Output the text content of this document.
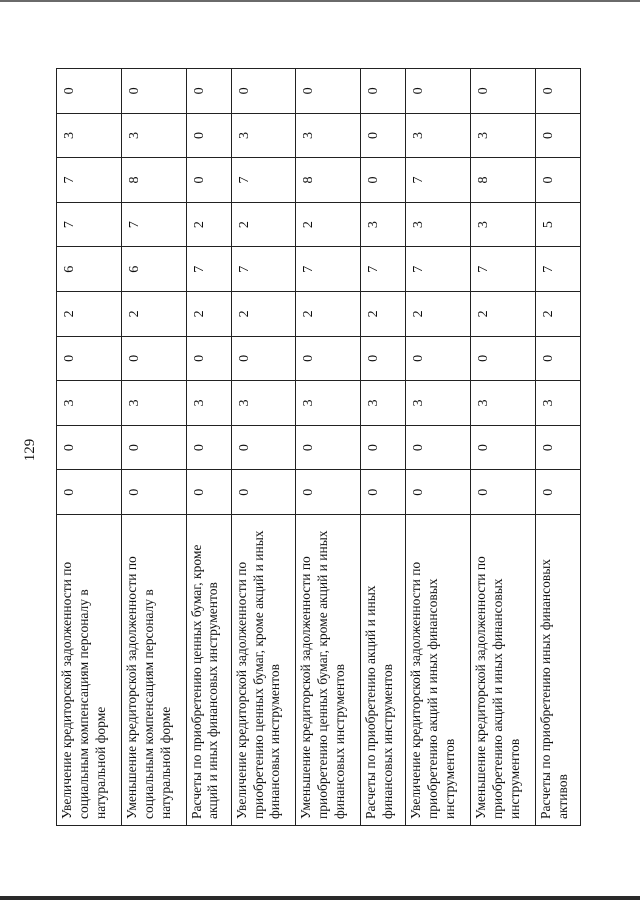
129
Увеличение кредиторской задолженности по социальным компенсациям персоналу в натуральной форме	0	0	3	0	2	6	7	7	3	0
Уменьшение кредиторской задолженности по социальным компенсациям персоналу в натуральной форме	0	0	3	0	2	6	7	8	3	0
Расчеты по приобретению ценных бумаг, кроме акций и иных финансовых инструментов	0	0	3	0	2	7	2	0	0	0
Увеличение кредиторской задолженности по приобретению ценных бумаг, кроме акций и иных финансовых инструментов	0	0	3	0	2	7	2	7	3	0
Уменьшение кредиторской задолженности по приобретению ценных бумаг, кроме акций и иных финансовых инструментов	0	0	3	0	2	7	2	8	3	0
Расчеты по приобретению акций и иных финансовых инструментов	0	0	3	0	2	7	3	0	0	0
Увеличение кредиторской задолженности по приобретению акций и иных финансовых инструментов	0	0	3	0	2	7	3	7	3	0
Уменьшение кредиторской задолженности по приобретению акций и иных финансовых инструментов	0	0	3	0	2	7	3	8	3	0
Расчеты по приобретению иных финансовых активов	0	0	3	0	2	7	5	0	0	0
